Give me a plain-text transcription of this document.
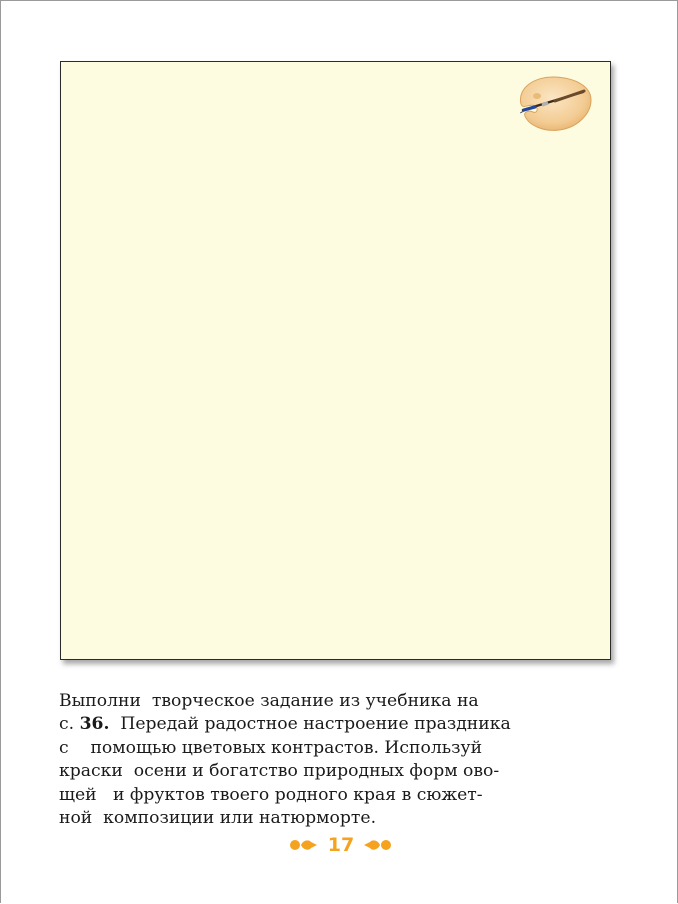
Выполни  творческое задание из учебника на
с. 36.  Передай радостное настроение праздника
с    помощью цветовых контрастов. Используй
краски  осени и богатство природных форм ово-
щей   и фруктов твоего родного края в сюжет-
ной  композиции или натюрморте.

17
